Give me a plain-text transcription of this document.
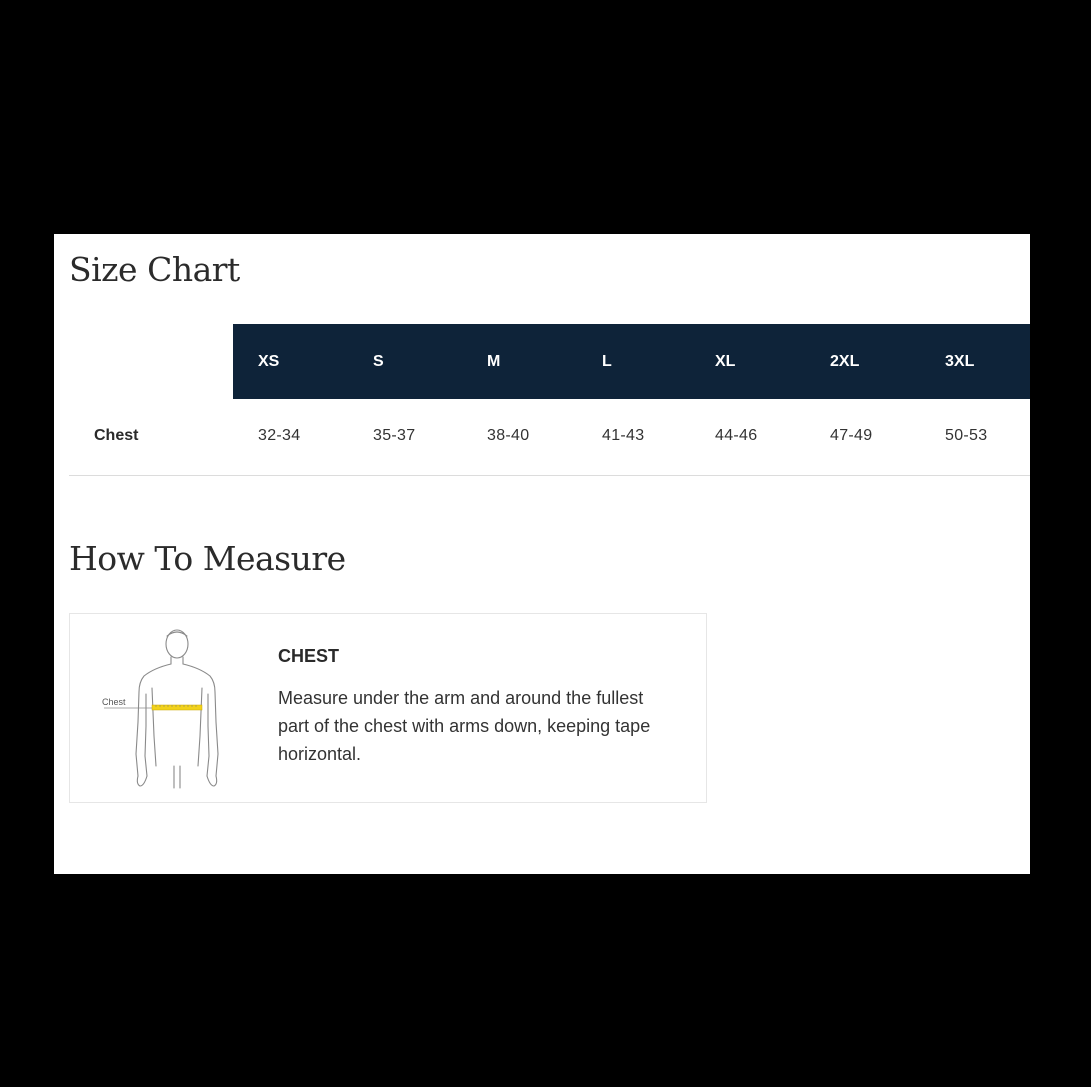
Size Chart
XS	S	M	L	XL	2XL	3XL
Chest	32-34	35-37	38-40	41-43	44-46	47-49	50-53
How To Measure
Chest
CHEST

Measure under the arm and around the fullest part of the chest with arms down, keeping tape horizontal.
